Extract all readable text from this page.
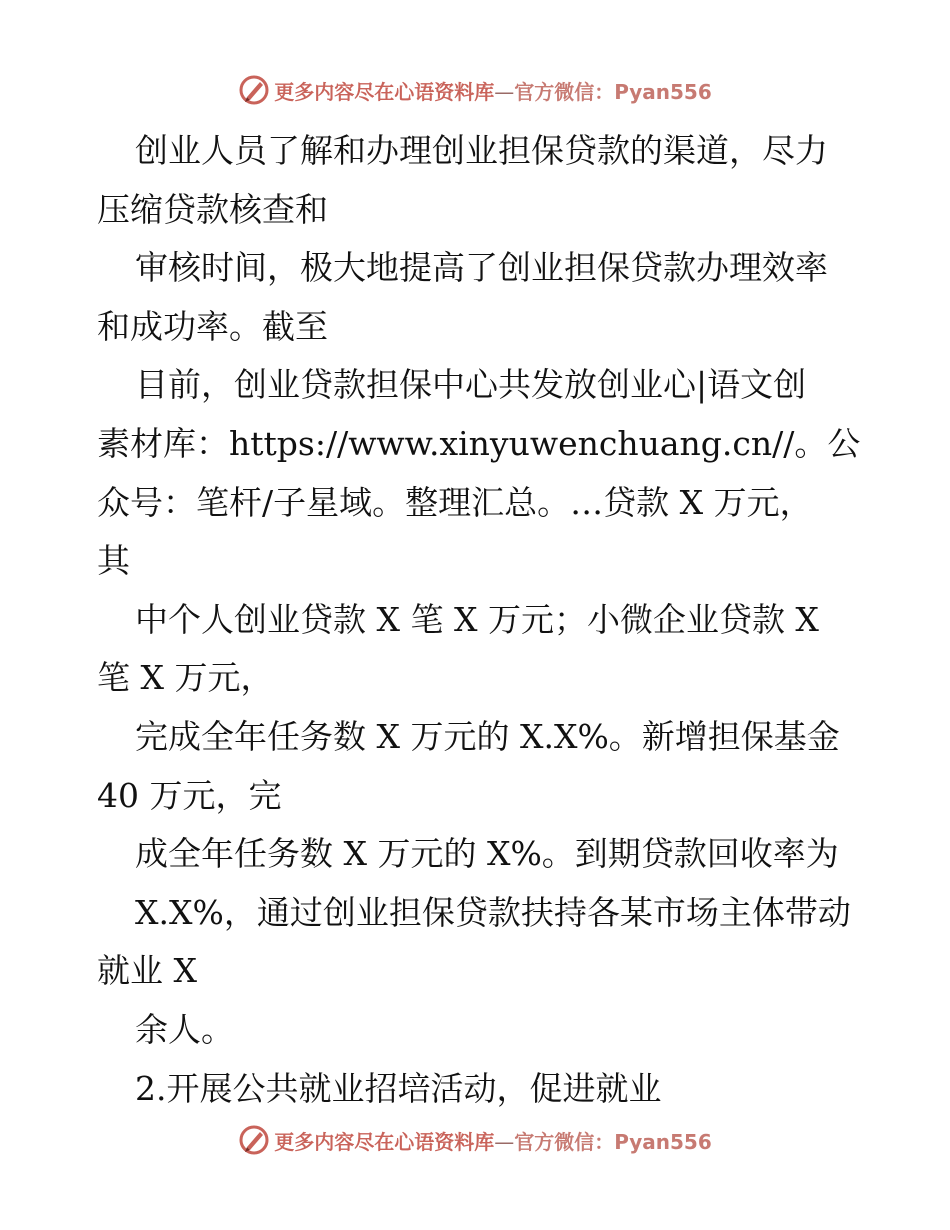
更多内容尽在心语资料库—官方微信：Pyan556
创业人员了解和办理创业担保贷款的渠道，尽力
压缩贷款核查和
审核时间，极大地提高了创业担保贷款办理效率
和成功率。截至
目前，创业贷款担保中心共发放创业心|语文创
素材库：https://www.xinyuwenchuang.cn//。公
众号：笔杆/子星域。整理汇总。…贷款 X 万元，
其
中个人创业贷款 X 笔 X 万元；小微企业贷款 X
笔 X 万元，
完成全年任务数 X 万元的 X.X%。新增担保基金
40 万元，完
成全年任务数 X 万元的 X%。到期贷款回收率为
X.X%，通过创业担保贷款扶持各某市场主体带动
就业 X
余人。
2.开展公共就业招培活动，促进就业
更多内容尽在心语资料库—官方微信：Pyan556
